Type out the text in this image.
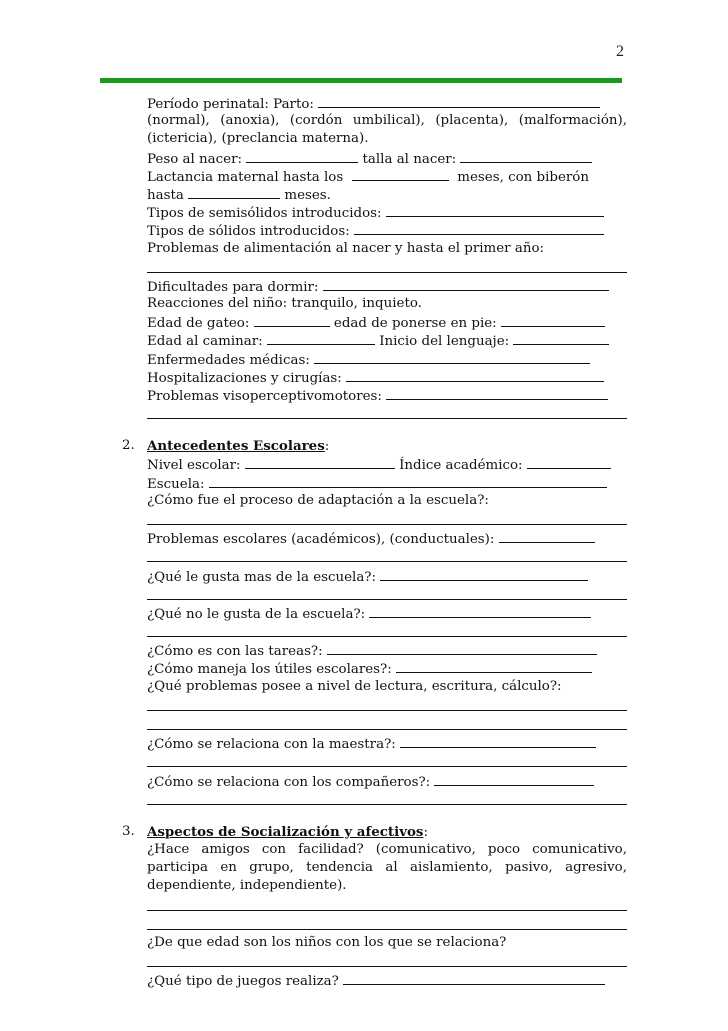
2
Período perinatal: Parto:
(normal), (anoxia), (cordón umbilical), (placenta), (malformación),
(ictericia), (preclancia materna).
Peso al nacer:	talla al nacer:
Lactancia maternal hasta los	meses, con biberón
hasta	meses.
Tipos de semisólidos introducidos:
Tipos de sólidos introducidos:
Problemas de alimentación al nacer y hasta el primer año:
Dificultades para dormir:
Reacciones del niño: tranquilo, inquieto.
Edad de gateo:	edad de ponerse en pie:
Edad al caminar:	Inicio del lenguaje:
Enfermedades médicas:
Hospitalizaciones y cirugías:
Problemas visoperceptivomotores:
2. Antecedentes Escolares:
Nivel escolar:	Índice académico:
Escuela:
¿Cómo fue el proceso de adaptación a la escuela?:
Problemas escolares (académicos), (conductuales):
¿Qué le gusta mas de la escuela?:
¿Qué no le gusta de la escuela?:
¿Cómo es con las tareas?:
¿Cómo maneja los útiles escolares?:
¿Qué problemas posee a nivel de lectura, escritura, cálculo?:
¿Cómo se relaciona con la maestra?:
¿Cómo se relaciona con los compañeros?:
3. Aspectos de Socialización y afectivos:
¿Hace amigos con facilidad? (comunicativo, poco comunicativo,
participa en grupo, tendencia al aislamiento, pasivo, agresivo,
dependiente, independiente).
¿De que edad son los niños con los que se relaciona?
¿Qué tipo de juegos realiza?
